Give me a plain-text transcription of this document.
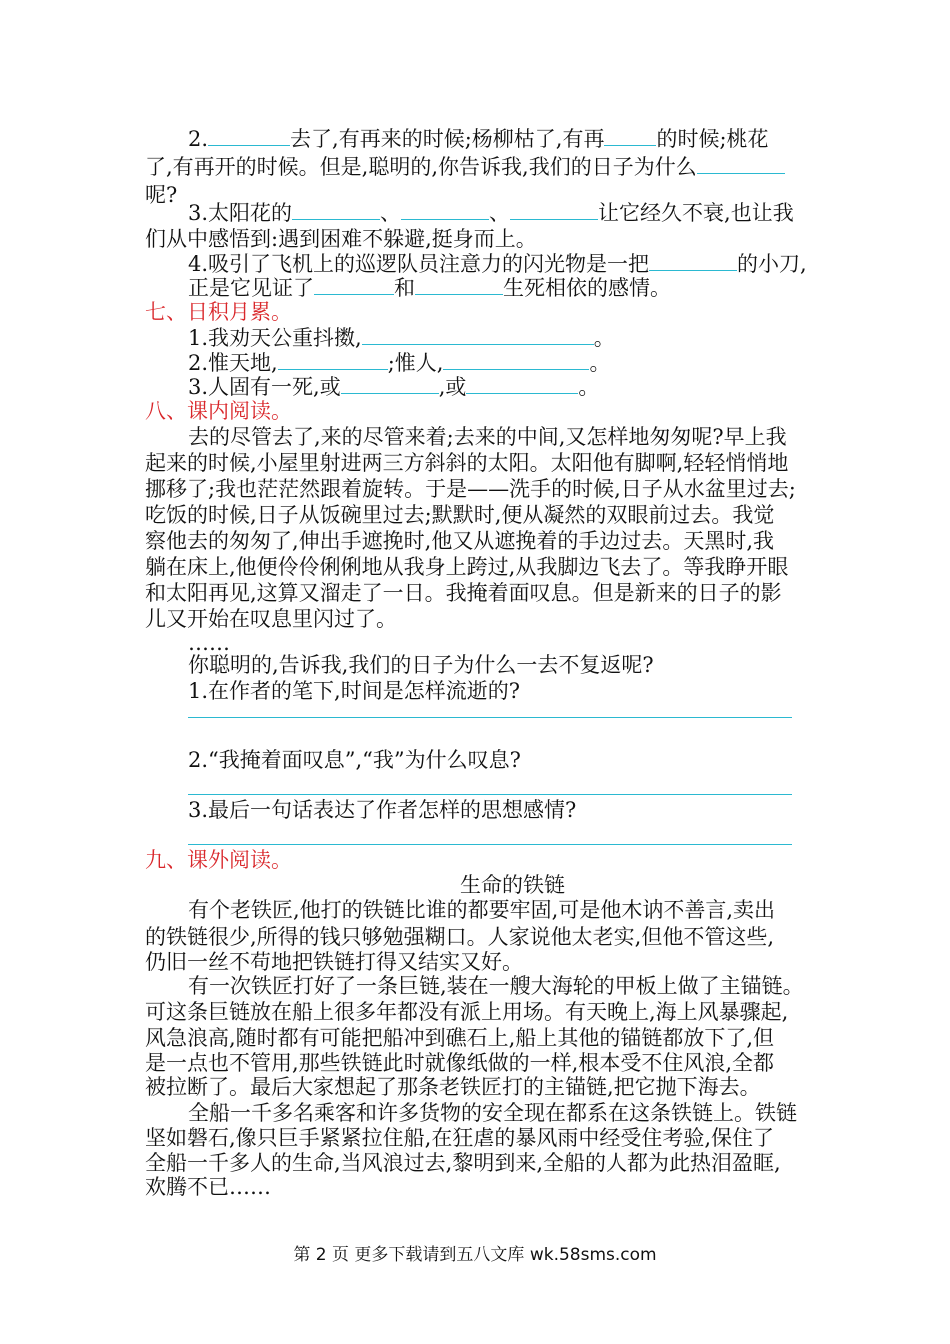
2.	去了,有再来的时候;杨柳枯了,有再 的时候;桃花
了,有再开的时候。但是,聪明的,你告诉我,我们的日子为什么
呢?
3.太阳花的	、	、	让它经久不衰,也让我
们从中感悟到:遇到困难不躲避,挺身而上。
4.吸引了飞机上的巡逻队员注意力的闪光物是一把	的小刀,
正是它见证了	和	生死相依的感情。
七、日积月累。
1.我劝天公重抖擞,	。
2.惟天地,	;惟人,	。
3.人固有一死,或	,或	。
八、课内阅读。
去的尽管去了,来的尽管来着;去来的中间,又怎样地匆匆呢?早上我
起来的时候,小屋里射进两三方斜斜的太阳。太阳他有脚啊,轻轻悄悄地
挪移了;我也茫茫然跟着旋转。于是——洗手的时候,日子从水盆里过去;
吃饭的时候,日子从饭碗里过去;默默时,便从凝然的双眼前过去。我觉
察他去的匆匆了,伸出手遮挽时,他又从遮挽着的手边过去。天黑时,我
躺在床上,他便伶伶俐俐地从我身上跨过,从我脚边飞去了。等我睁开眼
和太阳再见,这算又溜走了一日。我掩着面叹息。但是新来的日子的影
儿又开始在叹息里闪过了。
……
你聪明的,告诉我,我们的日子为什么一去不复返呢?
1.在作者的笔下,时间是怎样流逝的?
2.“我掩着面叹息”,“我”为什么叹息?
3.最后一句话表达了作者怎样的思想感情?
九、课外阅读。
生命的铁链
有个老铁匠,他打的铁链比谁的都要牢固,可是他木讷不善言,卖出
的铁链很少,所得的钱只够勉强糊口。人家说他太老实,但他不管这些,
仍旧一丝不苟地把铁链打得又结实又好。
有一次铁匠打好了一条巨链,装在一艘大海轮的甲板上做了主锚链。
可这条巨链放在船上很多年都没有派上用场。有天晚上,海上风暴骤起,
风急浪高,随时都有可能把船冲到礁石上,船上其他的锚链都放下了,但
是一点也不管用,那些铁链此时就像纸做的一样,根本受不住风浪,全都
被拉断了。最后大家想起了那条老铁匠打的主锚链,把它抛下海去。
全船一千多名乘客和许多货物的安全现在都系在这条铁链上。铁链
坚如磐石,像只巨手紧紧拉住船,在狂虐的暴风雨中经受住考验,保住了
全船一千多人的生命,当风浪过去,黎明到来,全船的人都为此热泪盈眶,
欢腾不已……
第 2 页 更多下载请到五八文库 wk.58sms.com
